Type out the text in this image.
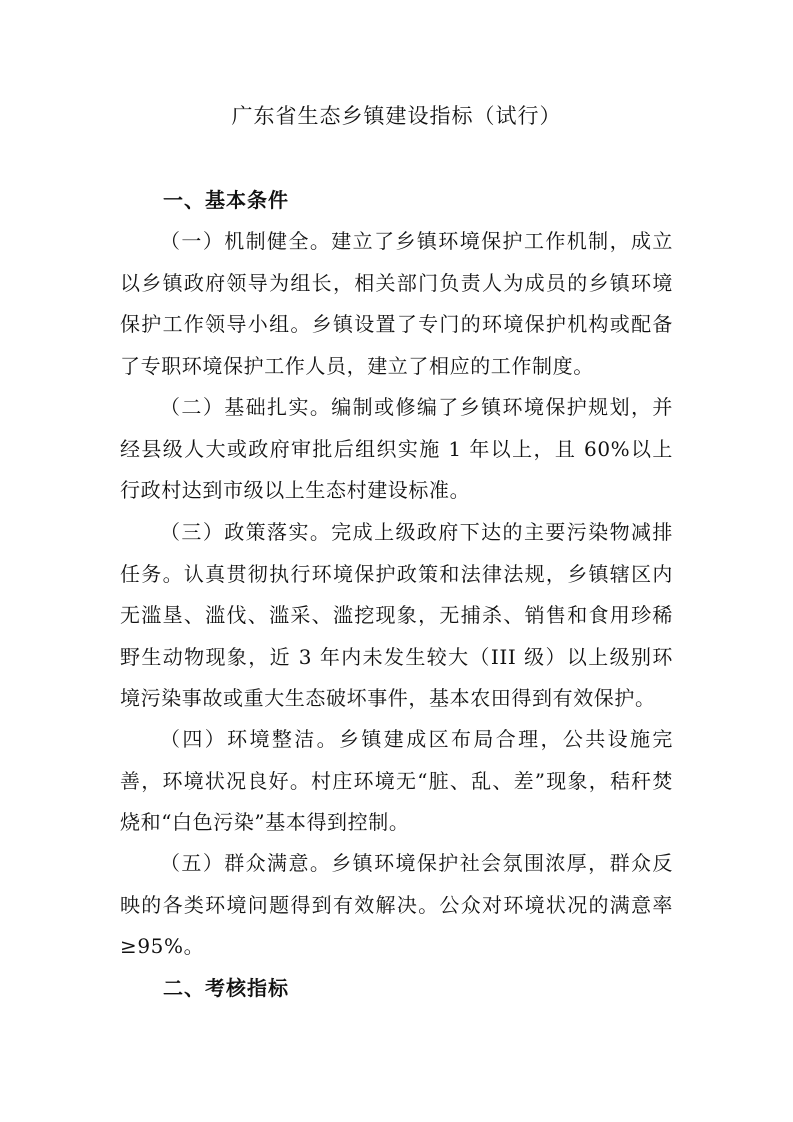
广东省生态乡镇建设指标（试行）
一、基本条件

（一）机制健全。建立了乡镇环境保护工作机制，成立以乡镇政府领导为组长，相关部门负责人为成员的乡镇环境保护工作领导小组。乡镇设置了专门的环境保护机构或配备了专职环境保护工作人员，建立了相应的工作制度。

（二）基础扎实。编制或修编了乡镇环境保护规划，并经县级人大或政府审批后组织实施 1 年以上，且 60%以上行政村达到市级以上生态村建设标准。

（三）政策落实。完成上级政府下达的主要污染物减排任务。认真贯彻执行环境保护政策和法律法规，乡镇辖区内无滥垦、滥伐、滥采、滥挖现象，无捕杀、销售和食用珍稀野生动物现象，近 3 年内未发生较大（III 级）以上级别环境污染事故或重大生态破坏事件，基本农田得到有效保护。

（四）环境整洁。乡镇建成区布局合理，公共设施完善，环境状况良好。村庄环境无“脏、乱、差”现象，秸秆焚烧和“白色污染”基本得到控制。

（五）群众满意。乡镇环境保护社会氛围浓厚，群众反映的各类环境问题得到有效解决。公众对环境状况的满意率≥95%。

二、考核指标
